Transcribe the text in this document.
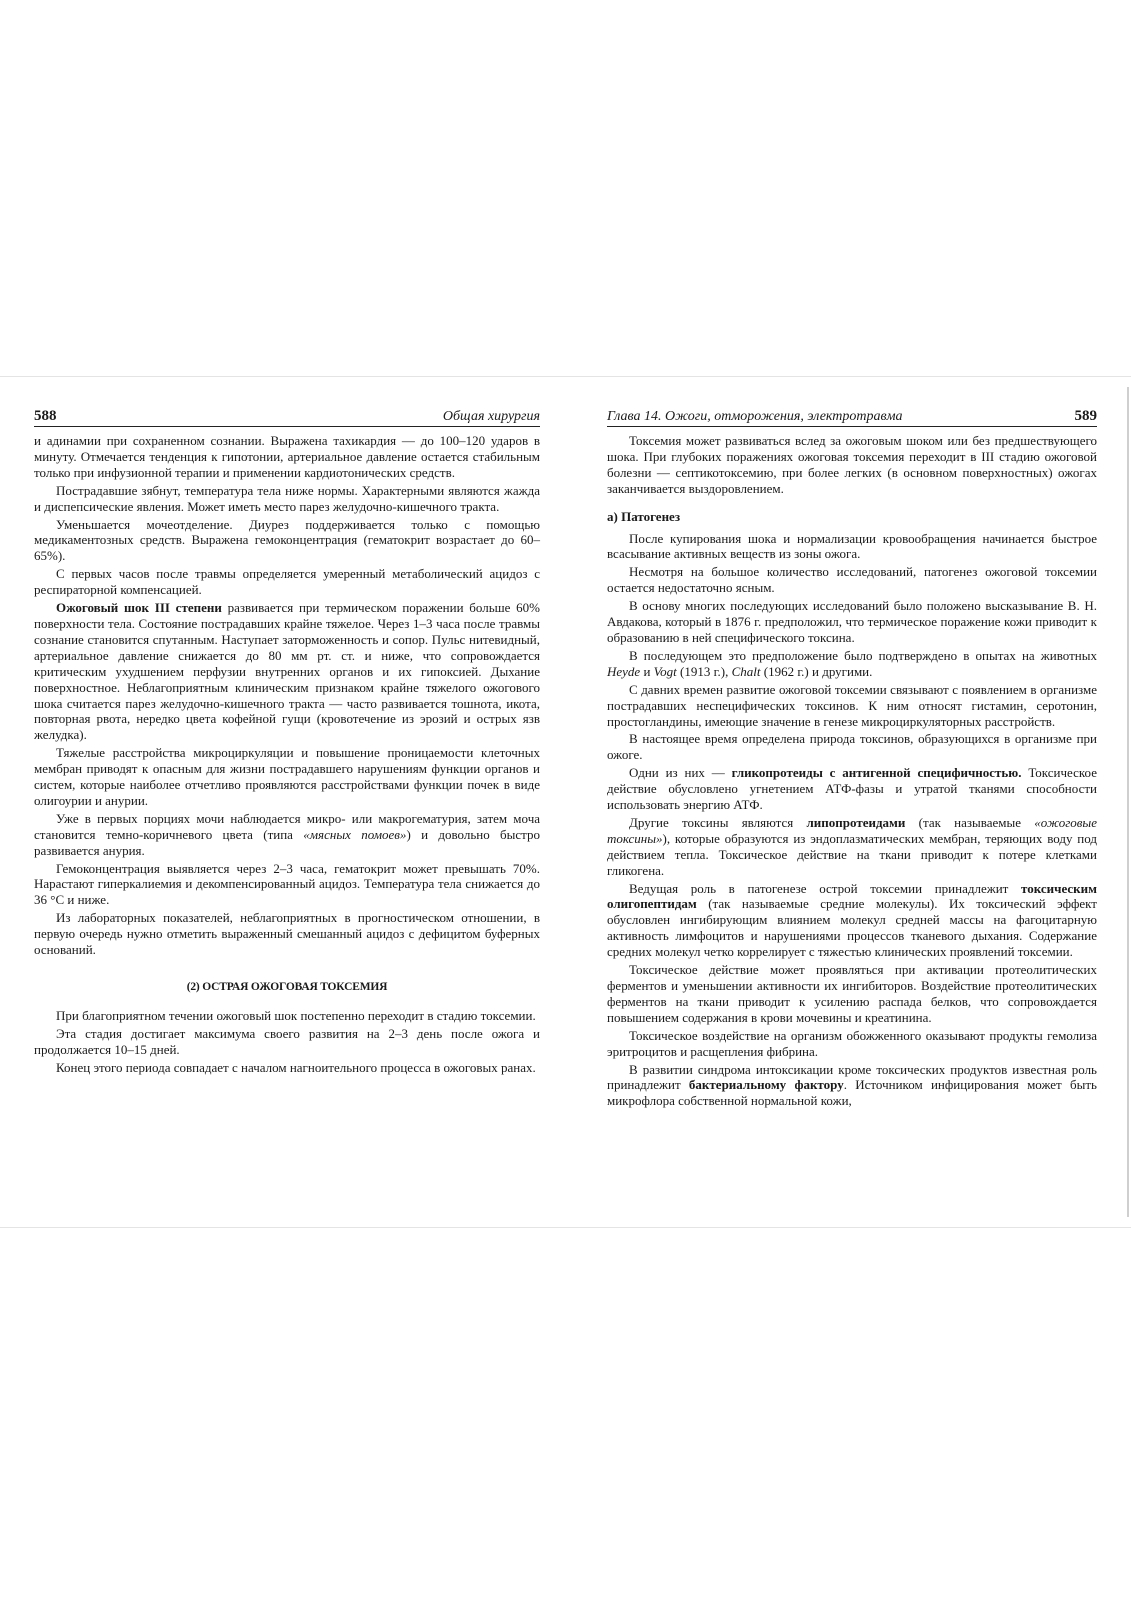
588	Общая хирургия

и адинамии при сохраненном сознании. Выражена тахикардия — до 100–120 ударов в минуту. Отмечается тенденция к гипотонии, артериальное давление остается стабильным только при инфузионной терапии и применении кардиотонических средств.

Пострадавшие зябнут, температура тела ниже нормы. Характерными являются жажда и диспепсические явления. Может иметь место парез желудочно-кишечного тракта.

Уменьшается мочеотделение. Диурез поддерживается только с помощью медикаментозных средств. Выражена гемоконцентрация (гематокрит возрастает до 60–65%).

С первых часов после травмы определяется умеренный метаболический ацидоз с респираторной компенсацией.

Ожоговый шок III степени развивается при термическом поражении больше 60% поверхности тела. Состояние пострадавших крайне тяжелое. Через 1–3 часа после травмы сознание становится спутанным. Наступает заторможенность и сопор. Пульс нитевидный, артериальное давление снижается до 80 мм рт. ст. и ниже, что сопровождается критическим ухудшением перфузии внутренних органов и их гипоксией. Дыхание поверхностное. Неблагоприятным клиническим признаком крайне тяжелого ожогового шока считается парез желудочно-кишечного тракта — часто развивается тошнота, икота, повторная рвота, нередко цвета кофейной гущи (кровотечение из эрозий и острых язв желудка).

Тяжелые расстройства микроциркуляции и повышение проницаемости клеточных мембран приводят к опасным для жизни пострадавшего нарушениям функции органов и систем, которые наиболее отчетливо проявляются расстройствами функции почек в виде олигоурии и анурии.

Уже в первых порциях мочи наблюдается микро- или макрогематурия, затем моча становится темно-коричневого цвета (типа «мясных помоев») и довольно быстро развивается анурия.

Гемоконцентрация выявляется через 2–3 часа, гематокрит может превышать 70%. Нарастают гиперкалиемия и декомпенсированный ацидоз. Температура тела снижается до 36 °С и ниже.

Из лабораторных показателей, неблагоприятных в прогностическом отношении, в первую очередь нужно отметить выраженный смешанный ацидоз с дефицитом буферных оснований.

(2) ОСТРАЯ ОЖОГОВАЯ ТОКСЕМИЯ

При благоприятном течении ожоговый шок постепенно переходит в стадию токсемии.

Эта стадия достигает максимума своего развития на 2–3 день после ожога и продолжается 10–15 дней.

Конец этого периода совпадает с началом нагноительного процесса в ожоговых ранах.

Глава 14. Ожоги, отморожения, электротравма	589

Токсемия может развиваться вслед за ожоговым шоком или без предшествующего шока. При глубоких поражениях ожоговая токсемия переходит в III стадию ожоговой болезни — септикотоксемию, при более легких (в основном поверхностных) ожогах заканчивается выздоровлением.

а) Патогенез

После купирования шока и нормализации кровообращения начинается быстрое всасывание активных веществ из зоны ожога.

Несмотря на большое количество исследований, патогенез ожоговой токсемии остается недостаточно ясным.

В основу многих последующих исследований было положено высказывание В. Н. Авдакова, который в 1876 г. предположил, что термическое поражение кожи приводит к образованию в ней специфического токсина.

В последующем это предположение было подтверждено в опытах на животных Heyde и Vogt (1913 г.), Chalt (1962 г.) и другими.

С давних времен развитие ожоговой токсемии связывают с появлением в организме пострадавших неспецифических токсинов. К ним относят гистамин, серотонин, простогландины, имеющие значение в генезе микроциркуляторных расстройств.

В настоящее время определена природа токсинов, образующихся в организме при ожоге.

Одни из них — гликопротеиды с антигенной специфичностью. Токсическое действие обусловлено угнетением АТФ-фазы и утратой тканями способности использовать энергию АТФ.

Другие токсины являются липопротеидами (так называемые «ожоговые токсины»), которые образуются из эндоплазматических мембран, теряющих воду под действием тепла. Токсическое действие на ткани приводит к потере клетками гликогена.

Ведущая роль в патогенезе острой токсемии принадлежит токсическим олигопептидам (так называемые средние молекулы). Их токсический эффект обусловлен ингибирующим влиянием молекул средней массы на фагоцитарную активность лимфоцитов и нарушениями процессов тканевого дыхания. Содержание средних молекул четко коррелирует с тяжестью клинических проявлений токсемии.

Токсическое действие может проявляться при активации протеолитических ферментов и уменьшении активности их ингибиторов. Воздействие протеолитических ферментов на ткани приводит к усилению распада белков, что сопровождается повышением содержания в крови мочевины и креатинина.

Токсическое воздействие на организм обожженного оказывают продукты гемолиза эритроцитов и расщепления фибрина.

В развитии синдрома интоксикации кроме токсических продуктов известная роль принадлежит бактериальному фактору. Источником инфицирования может быть микрофлора собственной нормальной кожи,
